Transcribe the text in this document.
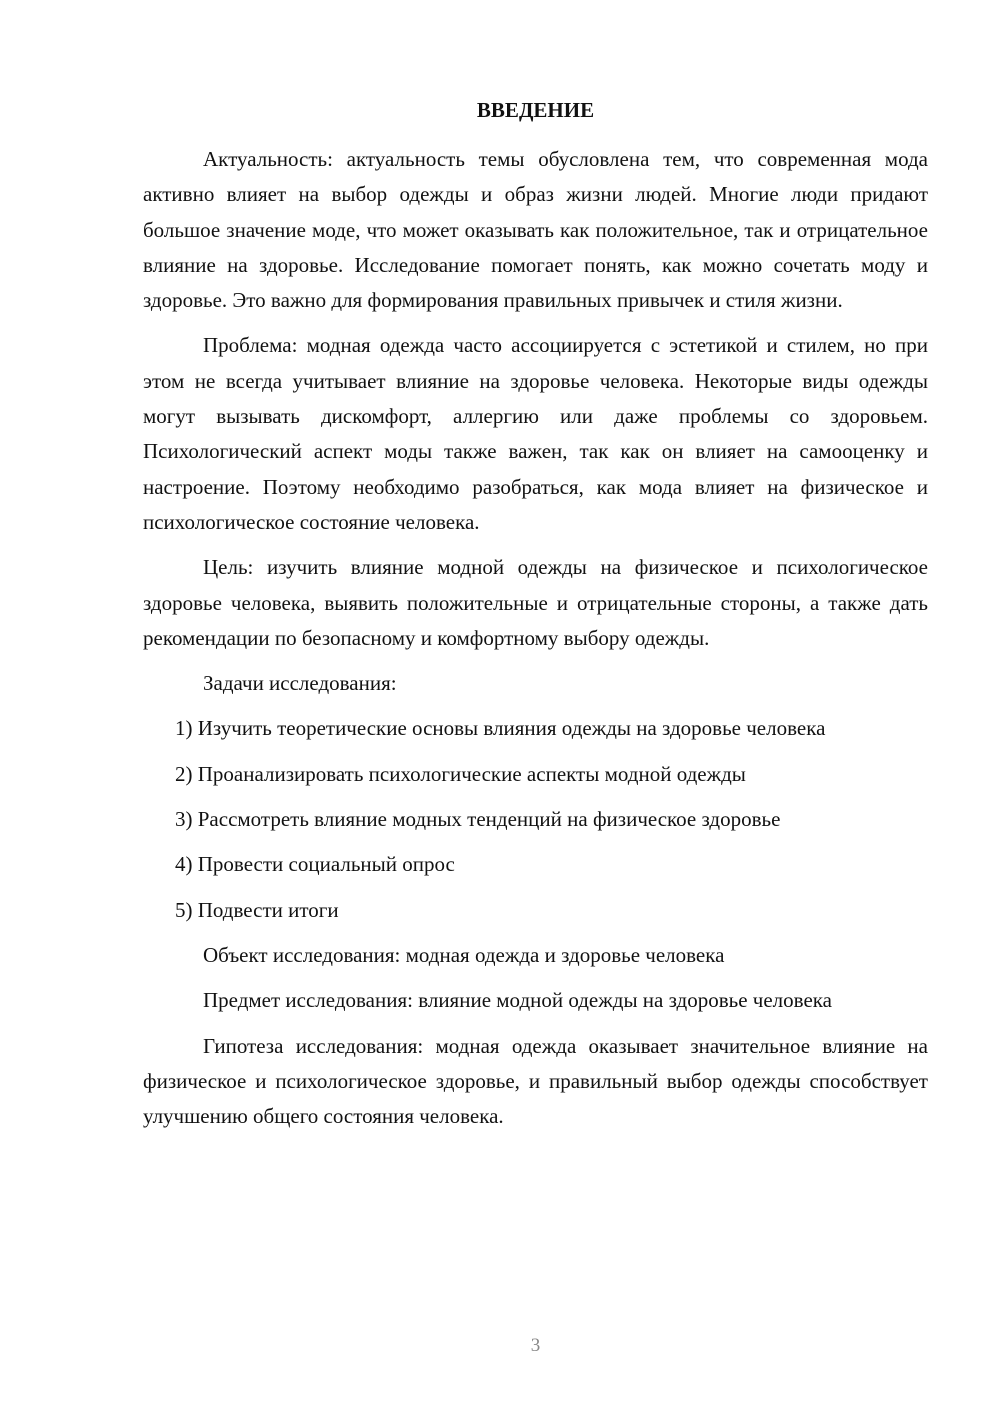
ВВЕДЕНИЕ

Актуальность: актуальность темы обусловлена тем, что современная мода активно влияет на выбор одежды и образ жизни людей. Многие люди придают большое значение моде, что может оказывать как положительное, так и отрицательное влияние на здоровье. Исследование помогает понять, как можно сочетать моду и здоровье. Это важно для формирования правильных привычек и стиля жизни.

Проблема: модная одежда часто ассоциируется с эстетикой и стилем, но при этом не всегда учитывает влияние на здоровье человека. Некоторые виды одежды могут вызывать дискомфорт, аллергию или даже проблемы со здоровьем. Психологический аспект моды также важен, так как он влияет на самооценку и настроение. Поэтому необходимо разобраться, как мода влияет на физическое и психологическое состояние человека.

Цель: изучить влияние модной одежды на физическое и психологическое здоровье человека, выявить положительные и отрицательные стороны, а также дать рекомендации по безопасному и комфортному выбору одежды.

Задачи исследования:

1) Изучить теоретические основы влияния одежды на здоровье человека

2) Проанализировать психологические аспекты модной одежды

3) Рассмотреть влияние модных тенденций на физическое здоровье

4) Провести социальный опрос

5) Подвести итоги

Объект исследования: модная одежда и здоровье человека

Предмет исследования: влияние модной одежды на здоровье человека

Гипотеза исследования: модная одежда оказывает значительное влияние на физическое и психологическое здоровье, и правильный выбор одежды способствует улучшению общего состояния человека.

3
